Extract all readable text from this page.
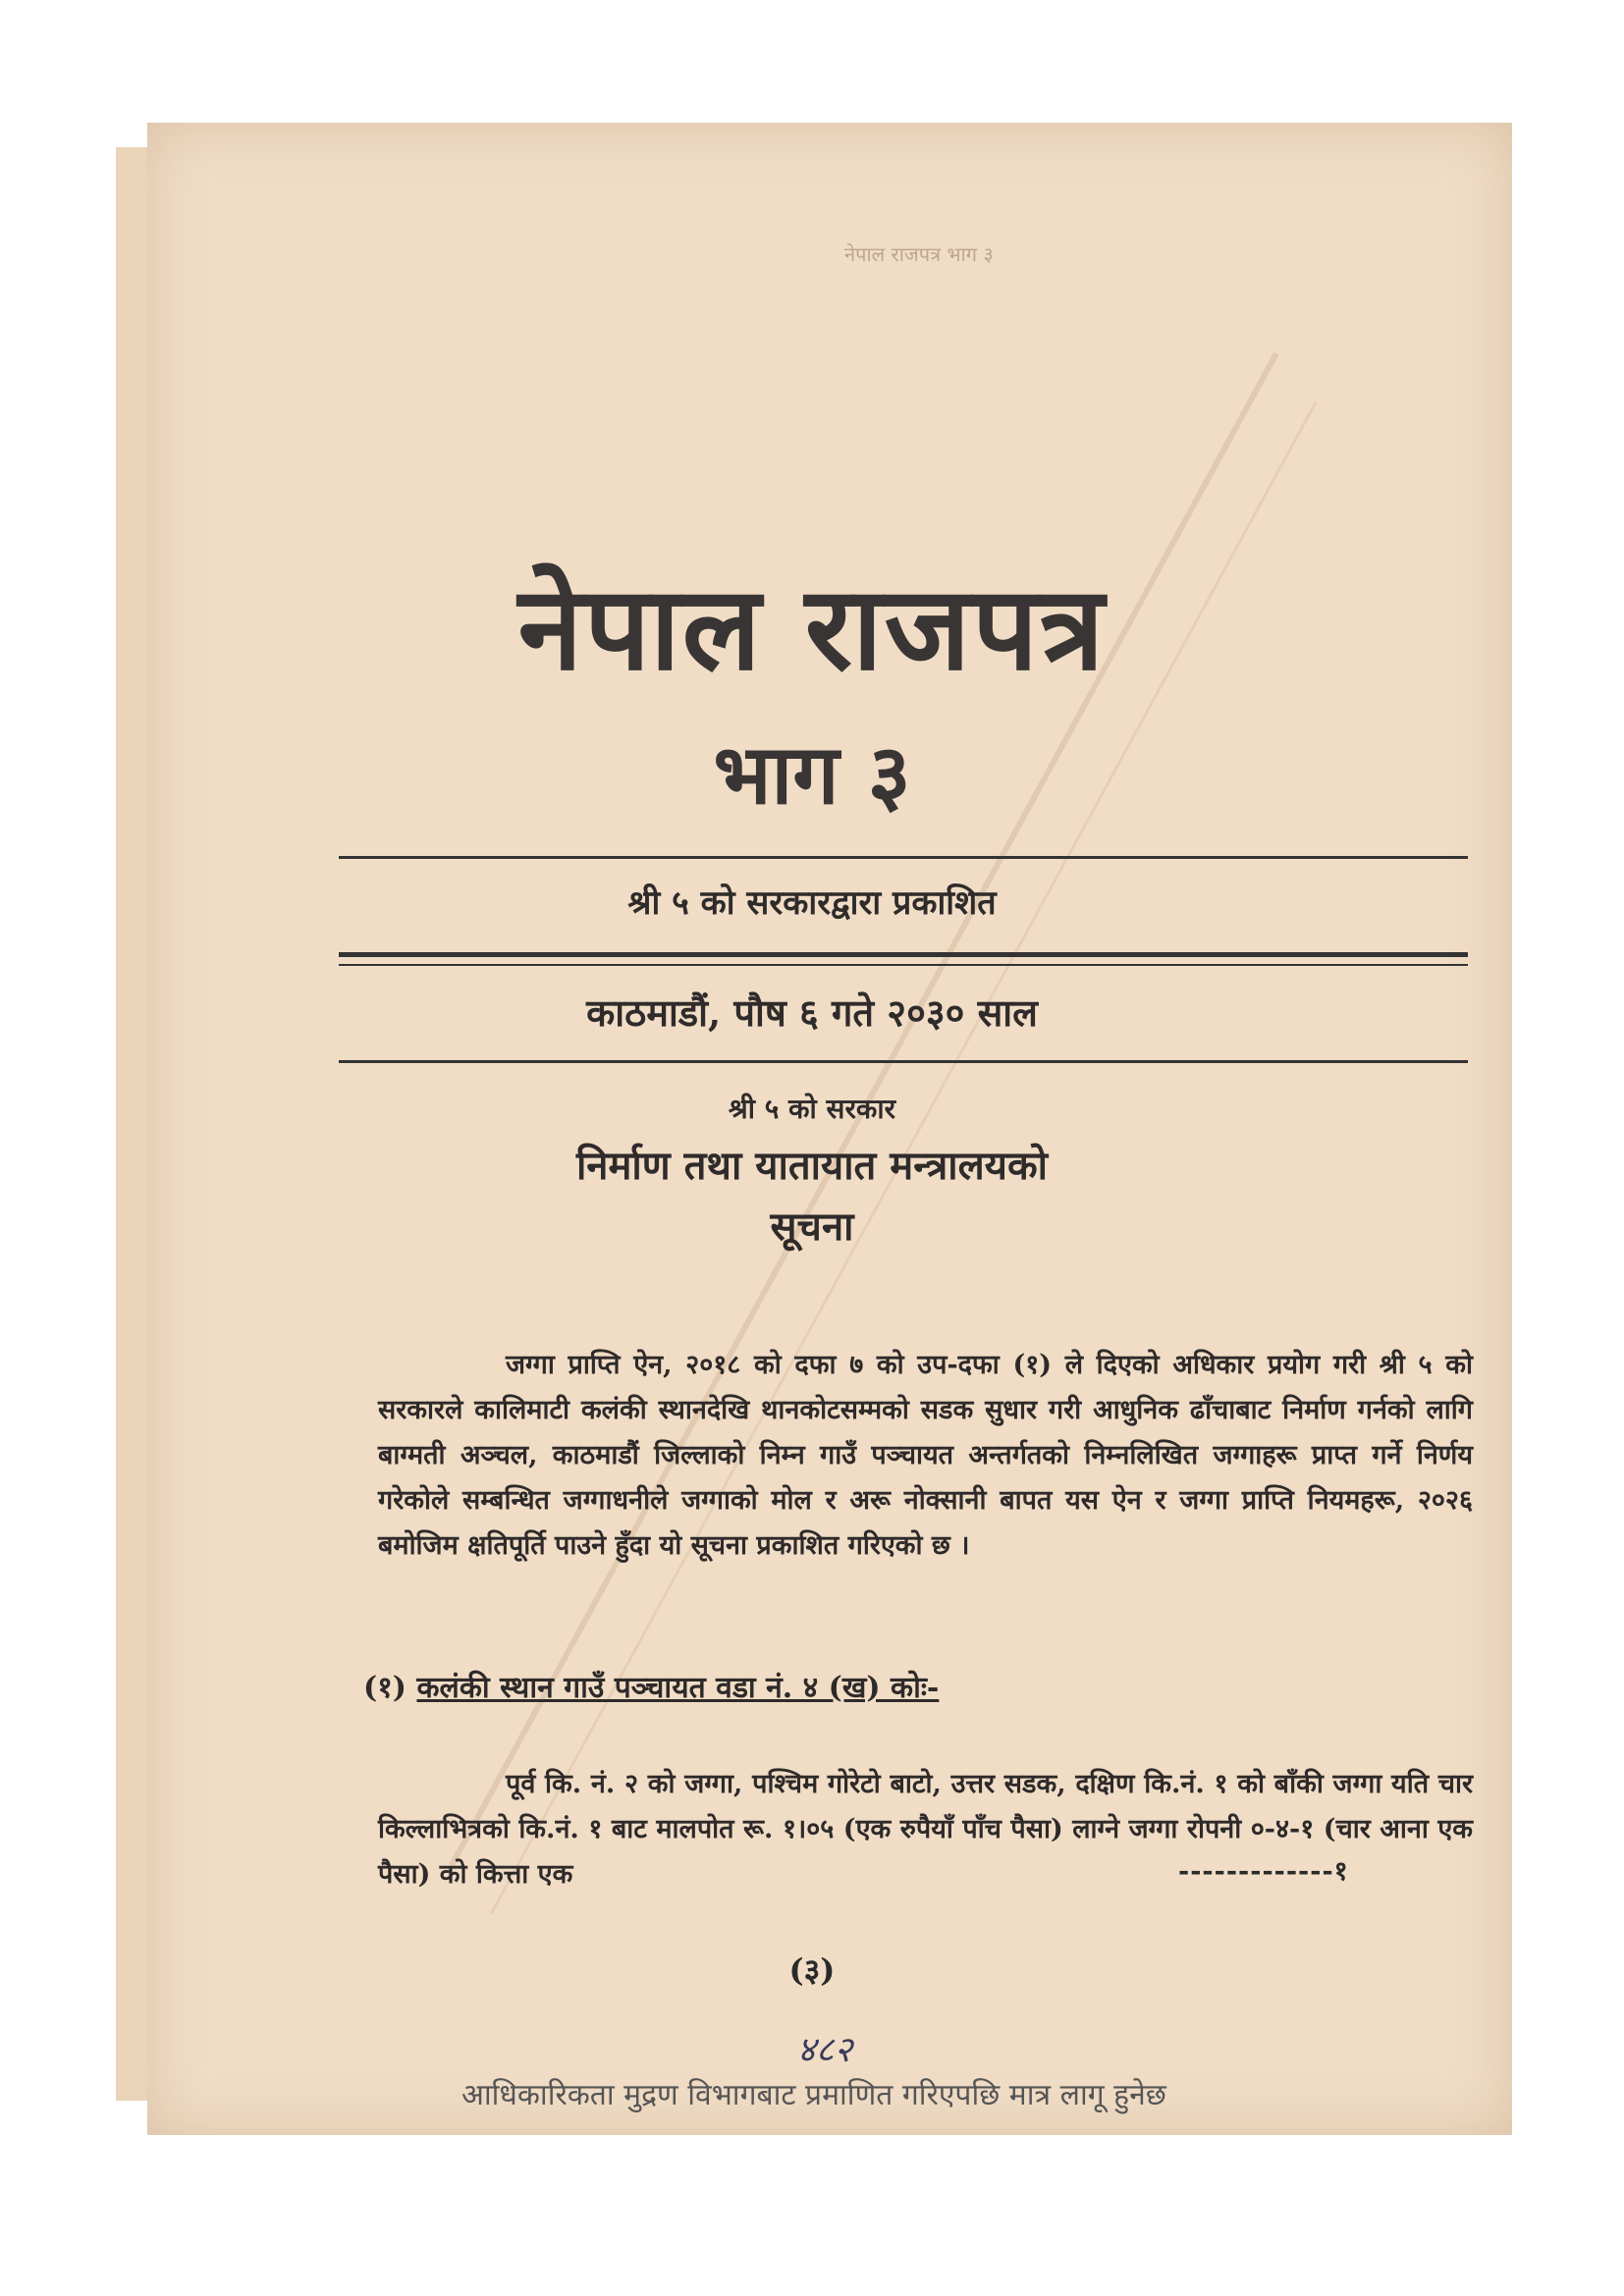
नेपाल राजपत्र भाग ३
नेपाल राजपत्र
भाग ३
श्री ५ को सरकारद्वारा प्रकाशित
काठमाडौं, पौष ६ गते २०३० साल
श्री ५ को सरकार
निर्माण तथा यातायात मन्त्रालयको
सूचना
जग्गा प्राप्ति ऐन, २०१८ को दफा ७ को उप-दफा (१) ले दिएको अधिकार प्रयोग गरी श्री ५ को सरकारले कालिमाटी कलंकी स्थानदेखि थानकोटसम्मको सडक सुधार गरी आधुनिक ढाँचाबाट निर्माण गर्नको लागि बाग्मती अञ्चल, काठमाडौं जिल्लाको निम्न गाउँ पञ्चायत अन्तर्गतको निम्नलिखित जग्गाहरू प्राप्त गर्ने निर्णय गरेकोले सम्बन्धित जग्गाधनीले जग्गाको मोल र अरू नोक्सानी बापत यस ऐन र जग्गा प्राप्ति नियमहरू, २०२६ बमोजिम क्षतिपूर्ति पाउने हुँदा यो सूचना प्रकाशित गरिएको छ ।
(१) कलंकी स्थान गाउँ पञ्चायत वडा नं. ४ (ख) कोः-
पूर्व कि. नं. २ को जग्गा, पश्चिम गोरेटो बाटो, उत्तर सडक, दक्षिण कि.नं. १ को बाँकी जग्गा यति चार किल्लाभित्रको कि.नं. १ बाट मालपोत रू. १।०५ (एक रुपैयाँ पाँच पैसा) लाग्ने जग्गा रोपनी ०-४-१ (चार आना एक पैसा) को कित्ता एक	-------------१
(३)
४८२
आधिकारिकता मुद्रण विभागबाट प्रमाणित गरिएपछि मात्र लागू हुनेछ
